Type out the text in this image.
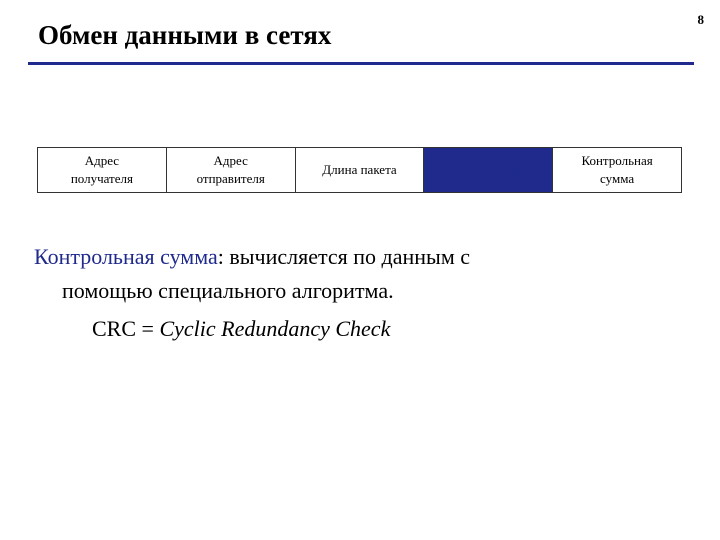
8
Обмен данными в сетях
Адрес
получателя
Адрес
отправителя
Длина пакета	Данные	Контрольная
сумма
Контрольная сумма: вычисляется по данным с
помощью специального алгоритма.
CRC = Cyclic Redundancy Check
